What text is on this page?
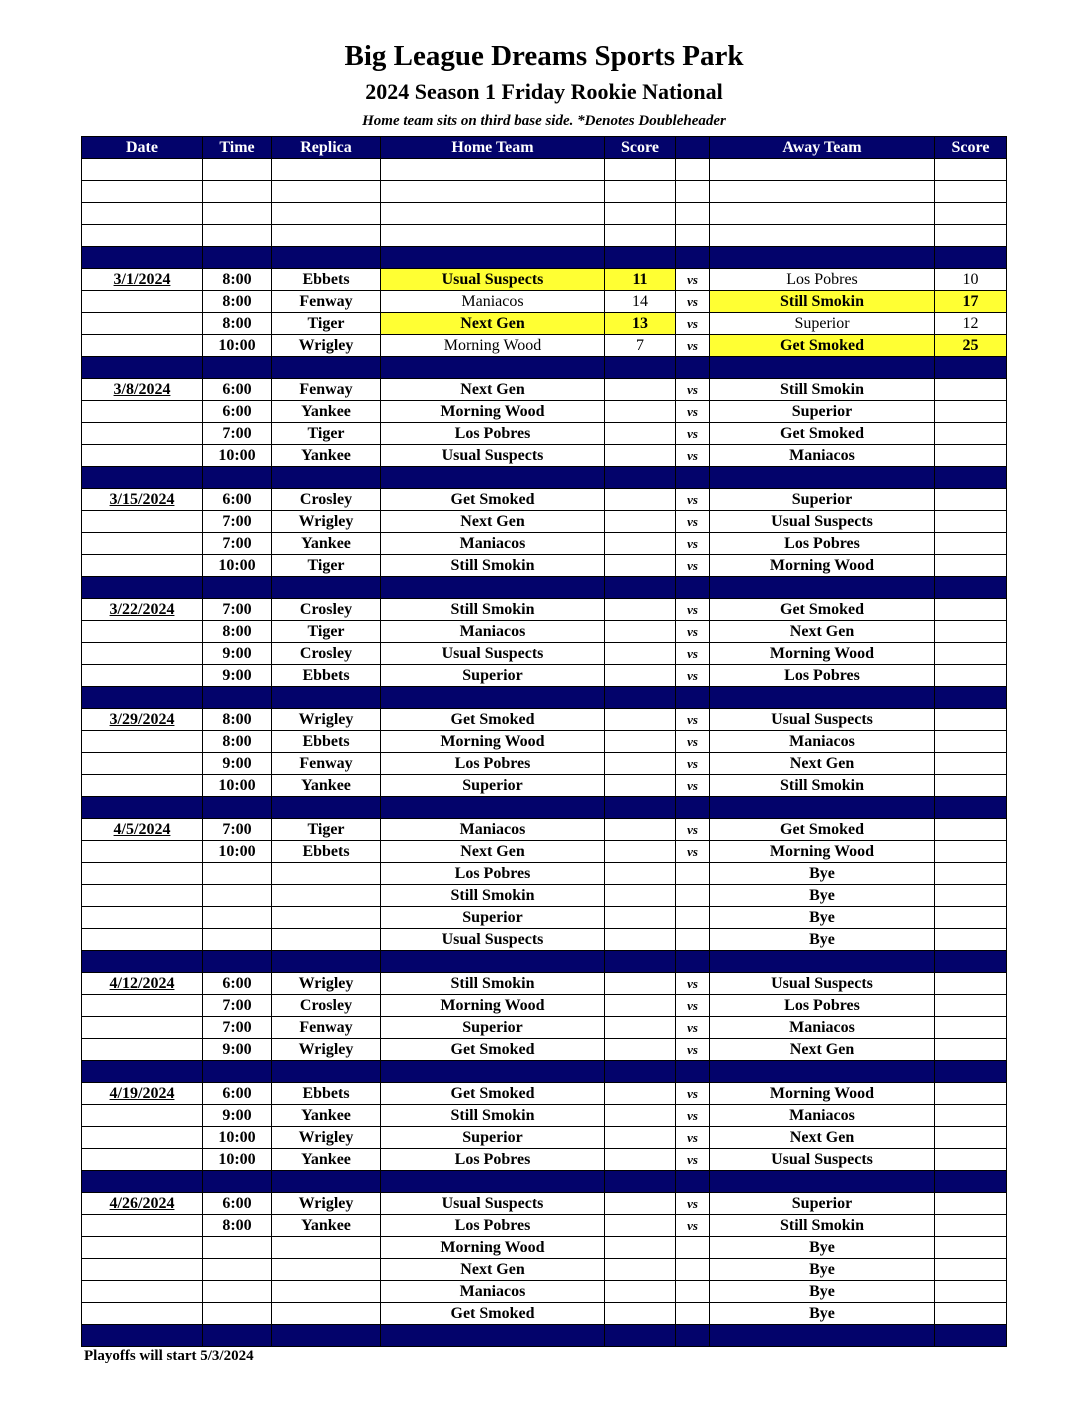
Big League Dreams Sports Park
2024 Season 1 Friday Rookie National
Home team sits on third base side. *Denotes Doubleheader
Date	Time	Replica	Home Team	Score		Away Team	Score

3/1/2024	8:00	Ebbets	Usual Suspects	11	vs	Los Pobres	10
	8:00	Fenway	Maniacos	14	vs	Still Smokin	17
	8:00	Tiger	Next Gen	13	vs	Superior	12
	10:00	Wrigley	Morning Wood	7	vs	Get Smoked	25

3/8/2024	6:00	Fenway	Next Gen		vs	Still Smokin	
	6:00	Yankee	Morning Wood		vs	Superior	
	7:00	Tiger	Los Pobres		vs	Get Smoked	
	10:00	Yankee	Usual Suspects		vs	Maniacos	

3/15/2024	6:00	Crosley	Get Smoked		vs	Superior	
	7:00	Wrigley	Next Gen		vs	Usual Suspects	
	7:00	Yankee	Maniacos		vs	Los Pobres	
	10:00	Tiger	Still Smokin		vs	Morning Wood	

3/22/2024	7:00	Crosley	Still Smokin		vs	Get Smoked	
	8:00	Tiger	Maniacos		vs	Next Gen	
	9:00	Crosley	Usual Suspects		vs	Morning Wood	
	9:00	Ebbets	Superior		vs	Los Pobres	

3/29/2024	8:00	Wrigley	Get Smoked		vs	Usual Suspects	
	8:00	Ebbets	Morning Wood		vs	Maniacos	
	9:00	Fenway	Los Pobres		vs	Next Gen	
	10:00	Yankee	Superior		vs	Still Smokin	

4/5/2024	7:00	Tiger	Maniacos		vs	Get Smoked	
	10:00	Ebbets	Next Gen		vs	Morning Wood	
			Los Pobres			Bye	
			Still Smokin			Bye	
			Superior			Bye	
			Usual Suspects			Bye	

4/12/2024	6:00	Wrigley	Still Smokin		vs	Usual Suspects	
	7:00	Crosley	Morning Wood		vs	Los Pobres	
	7:00	Fenway	Superior		vs	Maniacos	
	9:00	Wrigley	Get Smoked		vs	Next Gen	

4/19/2024	6:00	Ebbets	Get Smoked		vs	Morning Wood	
	9:00	Yankee	Still Smokin		vs	Maniacos	
	10:00	Wrigley	Superior		vs	Next Gen	
	10:00	Yankee	Los Pobres		vs	Usual Suspects	

4/26/2024	6:00	Wrigley	Usual Suspects		vs	Superior	
	8:00	Yankee	Los Pobres		vs	Still Smokin	
			Morning Wood			Bye	
			Next Gen			Bye	
			Maniacos			Bye	
			Get Smoked			Bye	

Playoffs will start 5/3/2024
